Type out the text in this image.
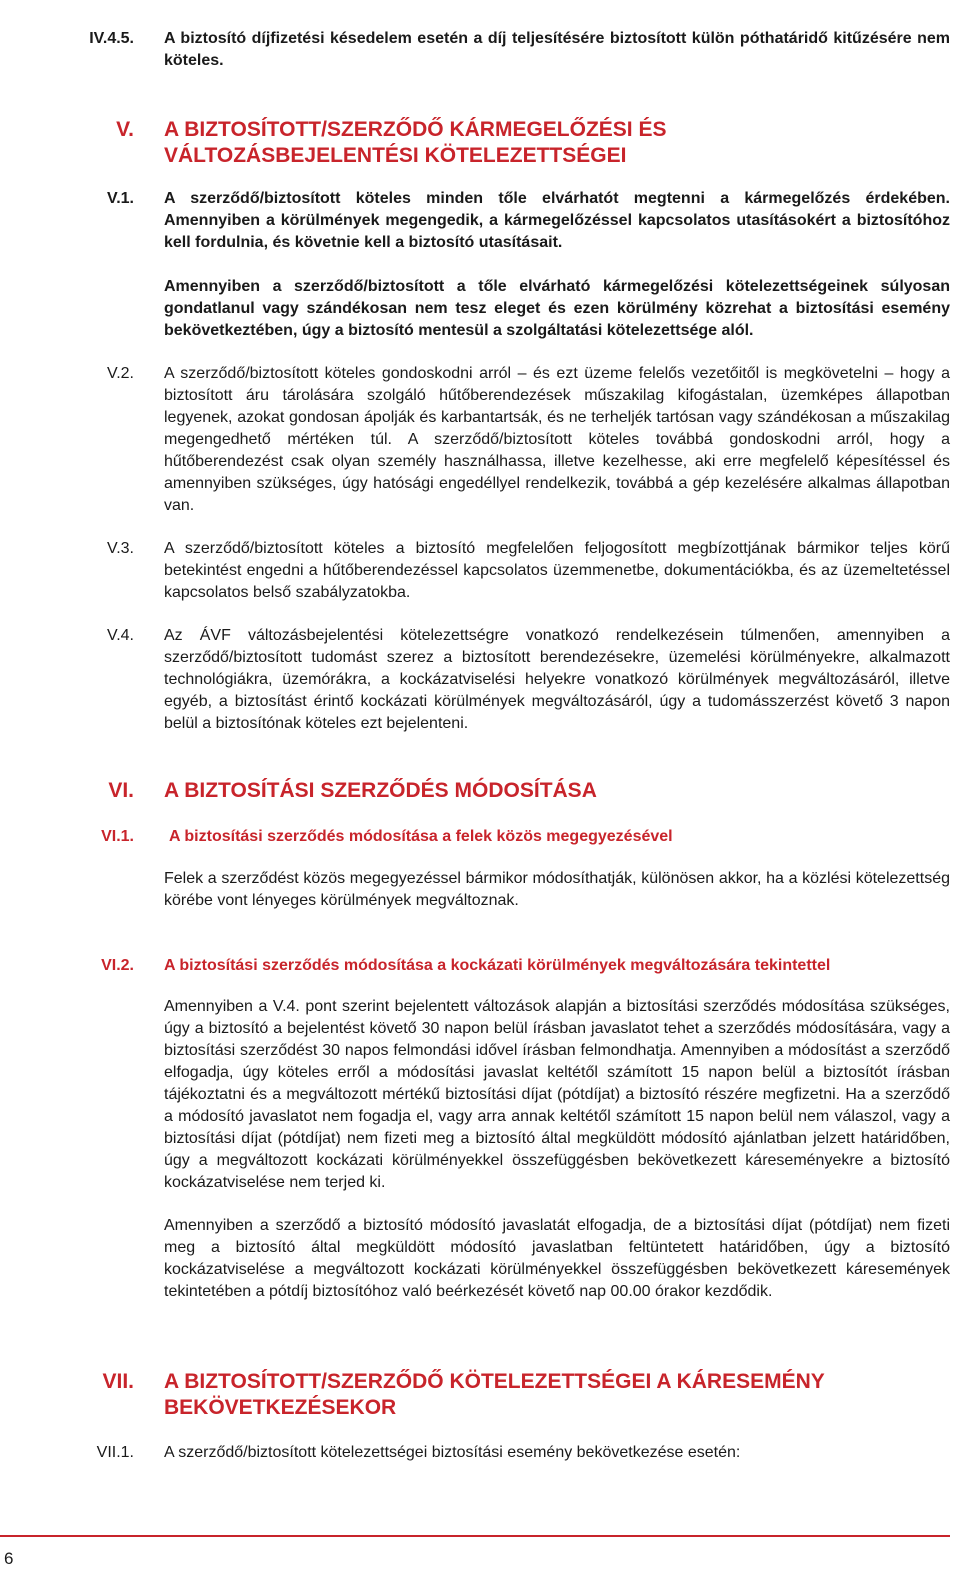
IV.4.5. A biztosító díjfizetési késedelem esetén a díj teljesítésére biztosított külön póthatáridő kitűzésére nem köteles.
V. A BIZTOSÍTOTT/SZERZŐDŐ KÁRMEGELŐZÉSI ÉS VÁLTOZÁSBEJELENTÉSI KÖTELEZETTSÉGEI
V.1. A szerződő/biztosított köteles minden tőle elvárhatót megtenni a kármegelőzés érdekében. Amennyiben a körülmények megengedik, a kármegelőzéssel kapcsolatos utasításokért a biztosítóhoz kell fordulnia, és követnie kell a biztosító utasításait.
Amennyiben a szerződő/biztosított a tőle elvárható kármegelőzési kötelezettségeinek súlyosan gondatlanul vagy szándékosan nem tesz eleget és ezen körülmény közrehat a biztosítási esemény bekövetkeztében, úgy a biztosító mentesül a szolgáltatási kötelezettsége alól.
V.2. A szerződő/biztosított köteles gondoskodni arról – és ezt üzeme felelős vezetőitől is megkövetelni – hogy a biztosított áru tárolására szolgáló hűtőberendezések műszakilag kifogástalan, üzemképes állapotban legyenek, azokat gondosan ápolják és karbantartsák, és ne terheljék tartósan vagy szándékosan a műszakilag megengedhető mértéken túl. A szerződő/biztosított köteles továbbá gondoskodni arról, hogy a hűtőberendezést csak olyan személy használhassa, illetve kezelhesse, aki erre megfelelő képesítéssel és amennyiben szükséges, úgy hatósági engedéllyel rendelkezik, továbbá a gép kezelésére alkalmas állapotban van.
V.3. A szerződő/biztosított köteles a biztosító megfelelően feljogosított megbízottjának bármikor teljes körű betekintést engedni a hűtőberendezéssel kapcsolatos üzemmenetbe, dokumentációkba, és az üzemeltetéssel kapcsolatos belső szabályzatokba.
V.4. Az ÁVF változásbejelentési kötelezettségre vonatkozó rendelkezésein túlmenően, amennyiben a szerződő/biztosított tudomást szerez a biztosított berendezésekre, üzemelési körülményekre, alkalmazott technológiákra, üzemórákra, a kockázatviselési helyekre vonatkozó körülmények megváltozásáról, illetve egyéb, a biztosítást érintő kockázati körülmények megváltozásáról, úgy a tudomásszerzést követő 3 napon belül a biztosítónak köteles ezt bejelenteni.
VI. A BIZTOSÍTÁSI SZERZŐDÉS MÓDOSÍTÁSA
VI.1. A biztosítási szerződés módosítása a felek közös megegyezésével
Felek a szerződést közös megegyezéssel bármikor módosíthatják, különösen akkor, ha a közlési kötelezettség körébe vont lényeges körülmények megváltoznak.
VI.2. A biztosítási szerződés módosítása a kockázati körülmények megváltozására tekintettel
Amennyiben a V.4. pont szerint bejelentett változások alapján a biztosítási szerződés módosítása szükséges, úgy a biztosító a bejelentést követő 30 napon belül írásban javaslatot tehet a szerződés módosítására, vagy a biztosítási szerződést 30 napos felmondási idővel írásban felmondhatja. Amennyiben a módosítást a szerződő elfogadja, úgy köteles erről a módosítási javaslat keltétől számított 15 napon belül a biztosítót írásban tájékoztatni és a megváltozott mértékű biztosítási díjat (pótdíjat) a biztosító részére megfizetni. Ha a szerződő a módosító javaslatot nem fogadja el, vagy arra annak keltétől számított 15 napon belül nem válaszol, vagy a biztosítási díjat (pótdíjat) nem fizeti meg a biztosító által megküldött módosító ajánlatban jelzett határidőben, úgy a megváltozott kockázati körülményekkel összefüggésben bekövetkezett káreseményekre a biztosító kockázatviselése nem terjed ki.
Amennyiben a szerződő a biztosító módosító javaslatát elfogadja, de a biztosítási díjat (pótdíjat) nem fizeti meg a biztosító által megküldött módosító javaslatban feltüntetett határidőben, úgy a biztosító kockázatviselése a megváltozott kockázati körülményekkel összefüggésben bekövetkezett káresemények tekintetében a pótdíj biztosítóhoz való beérkezését követő nap 00.00 órakor kezdődik.
VII. A BIZTOSÍTOTT/SZERZŐDŐ KÖTELEZETTSÉGEI A KÁRESEMÉNY BEKÖVETKEZÉSEKOR
VII.1. A szerződő/biztosított kötelezettségei biztosítási esemény bekövetkezése esetén:
6
